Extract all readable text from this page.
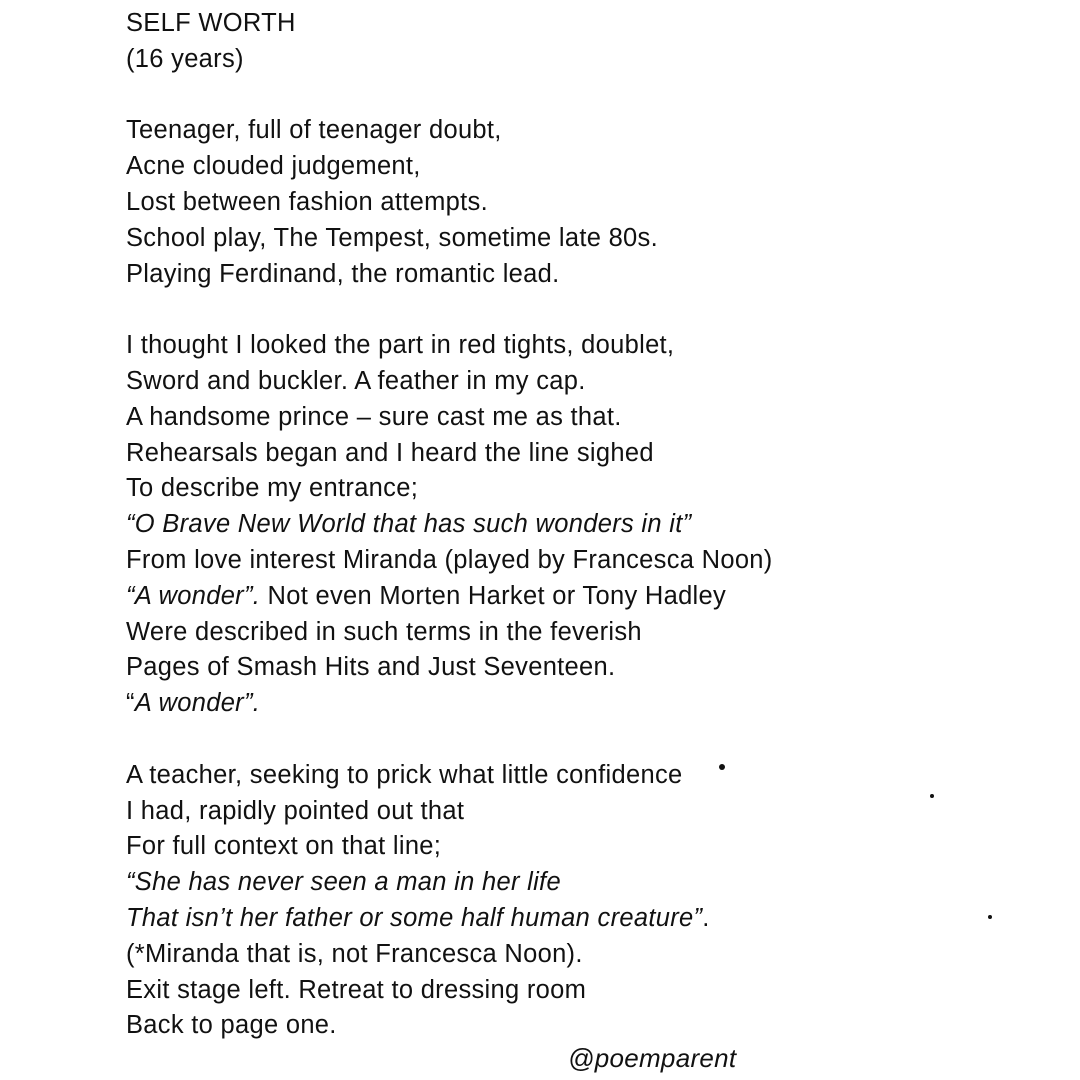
SELF WORTH
(16 years)
Teenager, full of teenager doubt,
Acne clouded judgement,
Lost between fashion attempts.
School play, The Tempest, sometime late 80s.
Playing Ferdinand, the romantic lead.
I thought I looked the part in red tights, doublet,
Sword and buckler. A feather in my cap.
A handsome prince – sure cast me as that.
Rehearsals began and I heard the line sighed
To describe my entrance;
“O Brave New World that has such wonders in it”
From love interest Miranda (played by Francesca Noon)
“A wonder”. Not even Morten Harket or Tony Hadley
Were described in such terms in the feverish
Pages of Smash Hits and Just Seventeen.
“A wonder”.
A teacher, seeking to prick what little confidence
I had, rapidly pointed out that
For full context on that line;
“She has never seen a man in her life
That isn’t her father or some half human creature”.
(*Miranda that is, not Francesca Noon).
Exit stage left. Retreat to dressing room
Back to page one.
@poemparent
